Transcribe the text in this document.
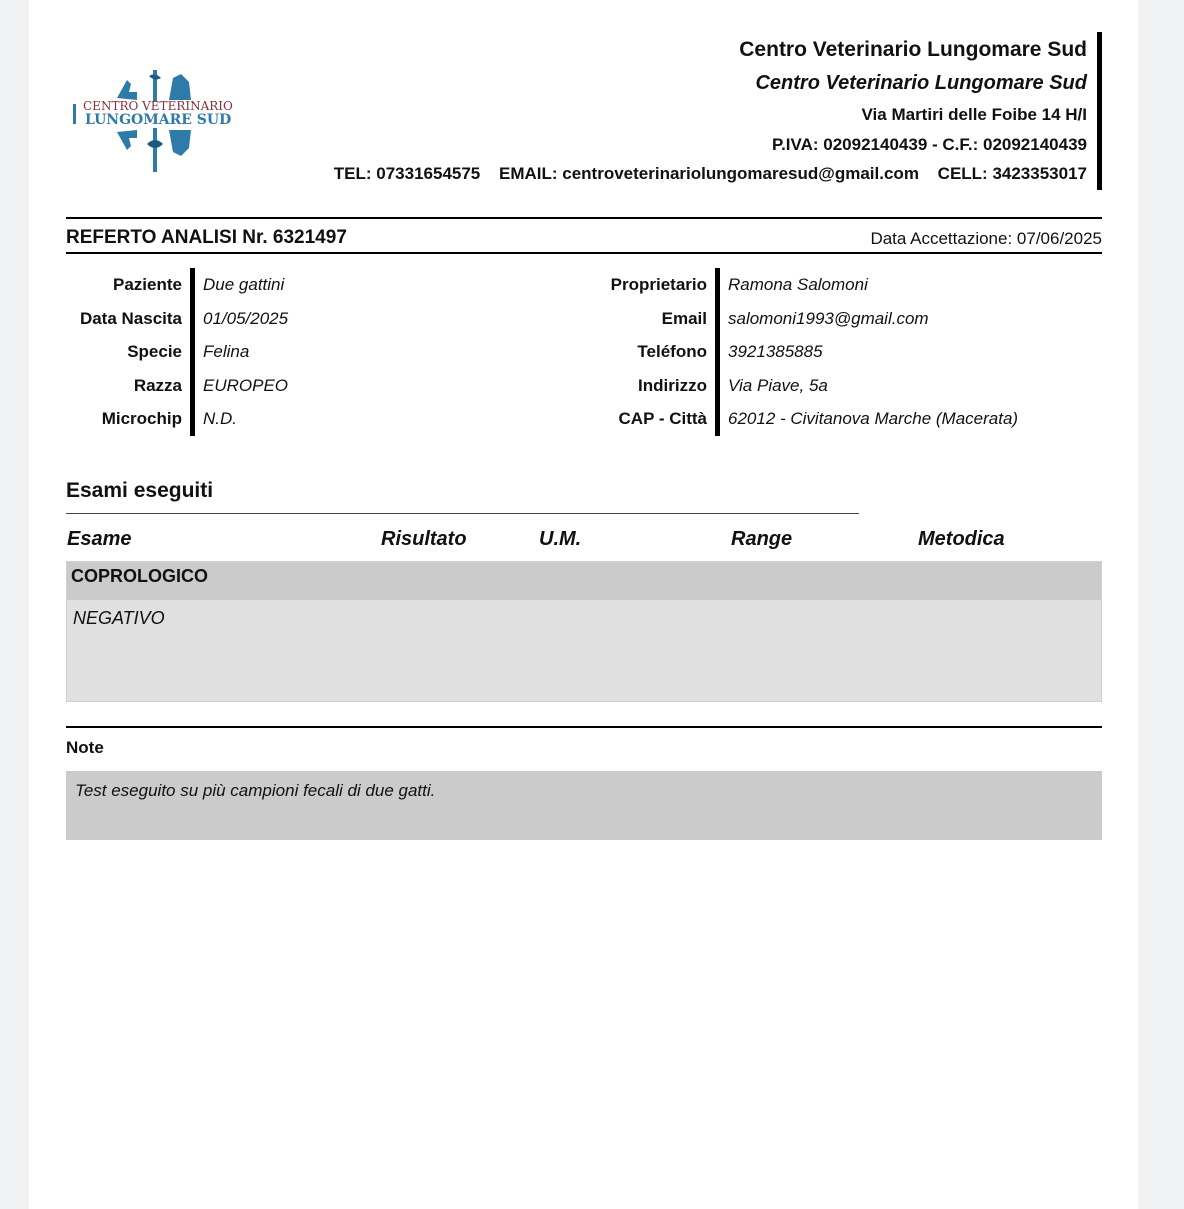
CENTRO VETERINARIO
LUNGOMARE SUD
Centro Veterinario Lungomare Sud
Centro Veterinario Lungomare Sud
Via Martiri delle Foibe 14 H/I
P.IVA: 02092140439 - C.F.: 02092140439
TEL: 07331654575 EMAIL: centroveterinariolungomaresud@gmail.com CELL: 3423353017
REFERTO ANALISI Nr. 6321497	Data Accettazione: 07/06/2025
Paziente	Due gattini
Data Nascita	01/05/2025
Specie	Felina
Razza	EUROPEO
Microchip	N.D.
Proprietario	Ramona Salomoni
Email	salomoni1993@gmail.com
Teléfono	3921385885
Indirizzo	Via Piave, 5a
CAP - Città	62012 - Civitanova Marche (Macerata)
Esami eseguiti
Esame	Risultato	U.M.	Range	Metodica
COPROLOGICO
NEGATIVO
Note
Test eseguito su più campioni fecali di due gatti.
